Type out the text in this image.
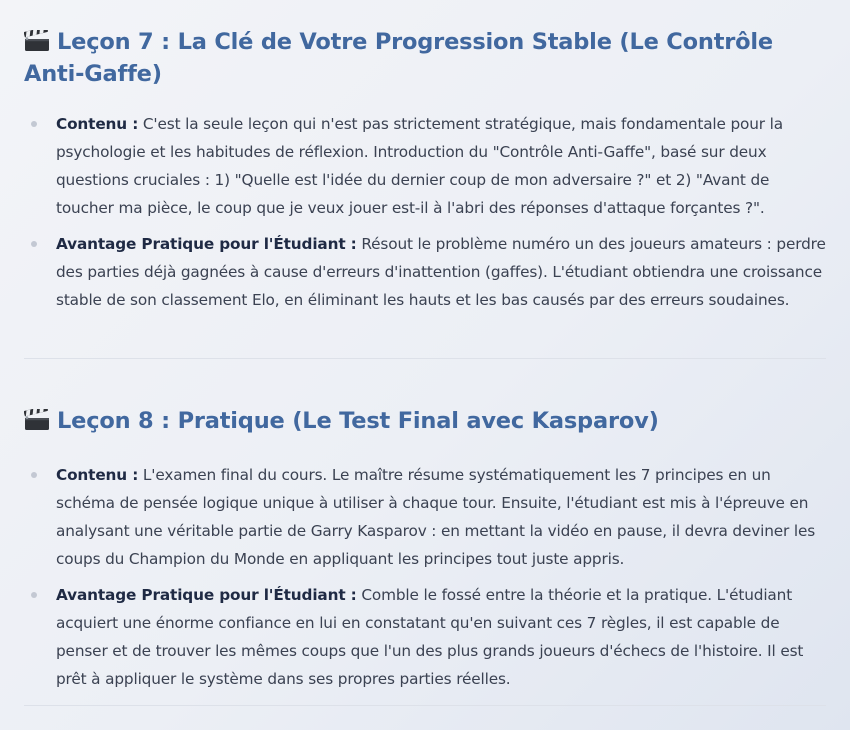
Leçon 7 : La Clé de Votre Progression Stable (Le Contrôle Anti-Gaffe)
Contenu : C'est la seule leçon qui n'est pas strictement stratégique, mais fondamentale pour la psychologie et les habitudes de réflexion. Introduction du "Contrôle Anti-Gaffe", basé sur deux questions cruciales : 1) "Quelle est l'idée du dernier coup de mon adversaire ?" et 2) "Avant de toucher ma pièce, le coup que je veux jouer est-il à l'abri des réponses d'attaque forçantes ?".
Avantage Pratique pour l'Étudiant : Résout le problème numéro un des joueurs amateurs : perdre des parties déjà gagnées à cause d'erreurs d'inattention (gaffes). L'étudiant obtiendra une croissance stable de son classement Elo, en éliminant les hauts et les bas causés par des erreurs soudaines.
Leçon 8 : Pratique (Le Test Final avec Kasparov)
Contenu : L'examen final du cours. Le maître résume systématiquement les 7 principes en un schéma de pensée logique unique à utiliser à chaque tour. Ensuite, l'étudiant est mis à l'épreuve en analysant une véritable partie de Garry Kasparov : en mettant la vidéo en pause, il devra deviner les coups du Champion du Monde en appliquant les principes tout juste appris.
Avantage Pratique pour l'Étudiant : Comble le fossé entre la théorie et la pratique. L'étudiant acquiert une énorme confiance en lui en constatant qu'en suivant ces 7 règles, il est capable de penser et de trouver les mêmes coups que l'un des plus grands joueurs d'échecs de l'histoire. Il est prêt à appliquer le système dans ses propres parties réelles.
